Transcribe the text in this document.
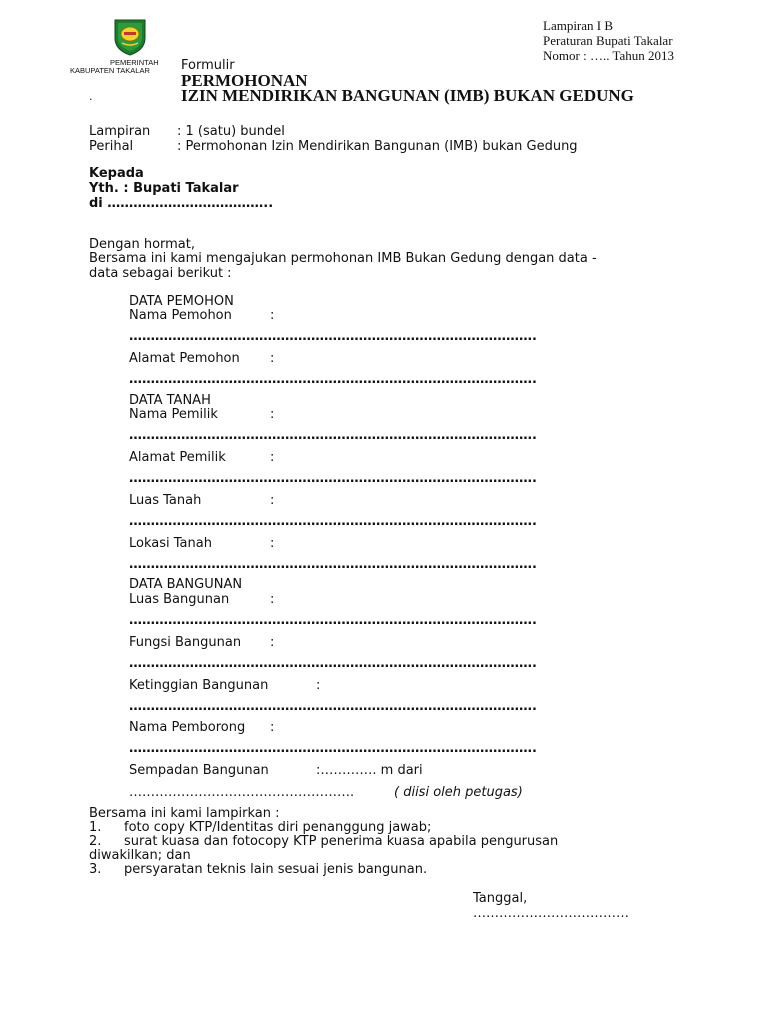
Lampiran I B
Peraturan Bupati Takalar
Nomor : ….. Tahun 2013
PEMERINTAH
KABUPATEN TAKALAR Formulir
PERMOHONAN
IZIN MENDIRIKAN BANGUNAN (IMB) BUKAN GEDUNG
.
Lampiran : 1 (satu) bundel
Perihal	: Permohonan Izin Mendirikan Bangunan (IMB) bukan Gedung
Kepada
Yth. : Bupati Takalar
di ………………………………..
Dengan hormat,
Bersama ini kami mengajukan permohonan IMB Bukan Gedung dengan data -
data sebagai berikut :
DATA PEMOHON
Nama Pemohon	:
………………………………………………………………………………….
Alamat Pemohon :
………………………………………………………………………………….
DATA TANAH
Nama Pemilik	:
………………………………………………………………………………….
Alamat Pemilik	:
………………………………………………………………………………….
Luas Tanah	:
………………………………………………………………………………….
Lokasi Tanah	:
………………………………………………………………………………….
DATA BANGUNAN
Luas Bangunan	:
………………………………………………………………………………….
Fungsi Bangunan :
………………………………………………………………………………….
Ketinggian Bangunan	:
………………………………………………………………………………….
Nama Pemborong :
………………………………………………………………………………….
Sempadan Bangunan	:…………. m dari
…………………………………………….	( diisi oleh petugas)
Bersama ini kami lampirkan :
1. foto copy KTP/Identitas diri penanggung jawab;
2. surat kuasa dan fotocopy KTP penerima kuasa apabila pengurusan
diwakilkan; dan
3. persyaratan teknis lain sesuai jenis bangunan.
Tanggal,
………………………………
